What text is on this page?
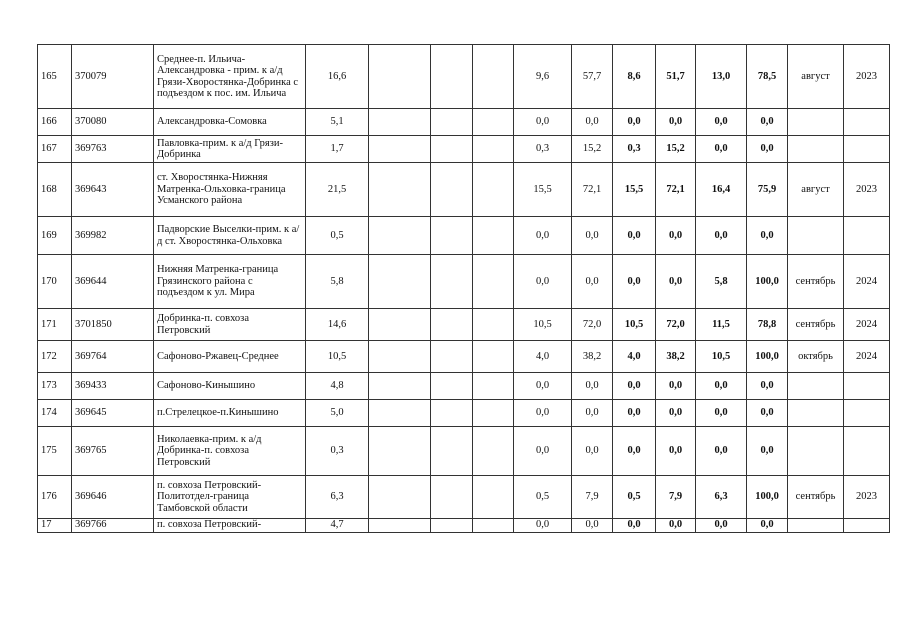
165	370079	Среднее-п. Ильича-Александровка - прим. к а/д Грязи-Хворостянка-Добринка с подъездом к пос. им. Ильича	16,6				9,6	57,7	8,6	51,7	13,0	78,5	август	2023
166	370080	Александровка-Сомовка	5,1				0,0	0,0	0,0	0,0	0,0	0,0		
167	369763	Павловка-прим. к а/д Грязи-Добринка	1,7				0,3	15,2	0,3	15,2	0,0	0,0		
168	369643	ст. Хворостянка-Нижняя Матренка-Ольховка-граница Усманского района	21,5				15,5	72,1	15,5	72,1	16,4	75,9	август	2023
169	369982	Падворские Выселки-прим. к а/д ст. Хворостянка-Ольховка	0,5				0,0	0,0	0,0	0,0	0,0	0,0		
170	369644	Нижняя Матренка-граница Грязинского района с подъездом к ул. Мира	5,8				0,0	0,0	0,0	0,0	5,8	100,0	сентябрь	2024
171	3701850	Добринка-п. совхоза Петровский	14,6				10,5	72,0	10,5	72,0	11,5	78,8	сентябрь	2024
172	369764	Сафоново-Ржавец-Среднее	10,5				4,0	38,2	4,0	38,2	10,5	100,0	октябрь	2024
173	369433	Сафоново-Кинышино	4,8				0,0	0,0	0,0	0,0	0,0	0,0		
174	369645	п.Стрелецкое-п.Кинышино	5,0				0,0	0,0	0,0	0,0	0,0	0,0		
175	369765	Николаевка-прим. к а/д Добринка-п. совхоза Петровский	0,3				0,0	0,0	0,0	0,0	0,0	0,0		
176	369646	п. совхоза Петровский-Политотдел-граница Тамбовской области	6,3				0,5	7,9	0,5	7,9	6,3	100,0	сентябрь	2023
17	369766	п. совхоза Петровский-	4,7				0,0	0,0	0,0	0,0	0,0	0,0		
